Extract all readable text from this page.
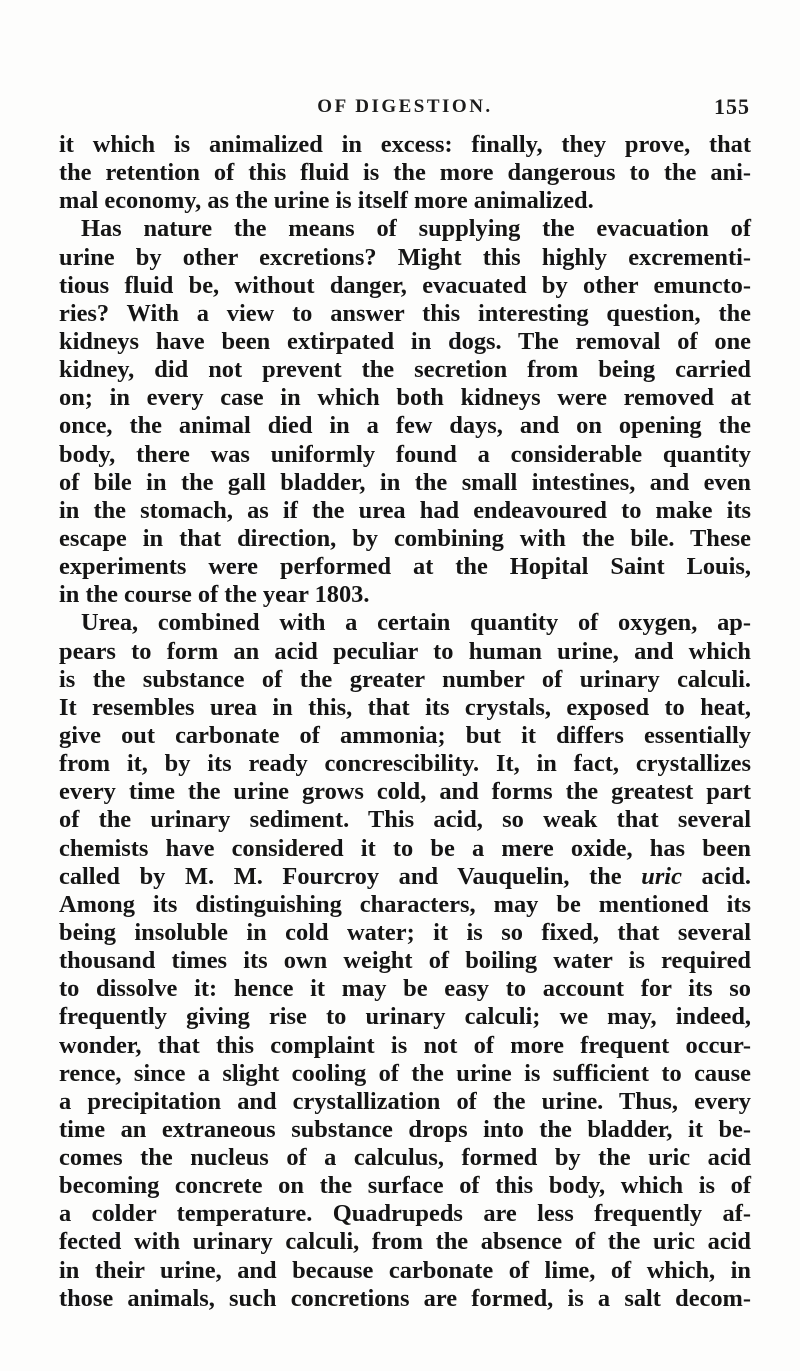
OF DIGESTION.	155
it which is animalized in excess: finally, they prove, that
the retention of this fluid is the more dangerous to the ani-
mal economy, as the urine is itself more animalized.
Has nature the means of supplying the evacuation of
urine by other excretions? Might this highly excrementi-
tious fluid be, without danger, evacuated by other emuncto-
ries? With a view to answer this interesting question, the
kidneys have been extirpated in dogs. The removal of one
kidney, did not prevent the secretion from being carried
on; in every case in which both kidneys were removed at
once, the animal died in a few days, and on opening the
body, there was uniformly found a considerable quantity
of bile in the gall bladder, in the small intestines, and even
in the stomach, as if the urea had endeavoured to make its
escape in that direction, by combining with the bile. These
experiments were performed at the Hopital Saint Louis,
in the course of the year 1803.
Urea, combined with a certain quantity of oxygen, ap-
pears to form an acid peculiar to human urine, and which
is the substance of the greater number of urinary calculi.
It resembles urea in this, that its crystals, exposed to heat,
give out carbonate of ammonia; but it differs essentially
from it, by its ready concrescibility. It, in fact, crystallizes
every time the urine grows cold, and forms the greatest part
of the urinary sediment. This acid, so weak that several
chemists have considered it to be a mere oxide, has been
called by M. M. Fourcroy and Vauquelin, the uric acid.
Among its distinguishing characters, may be mentioned its
being insoluble in cold water; it is so fixed, that several
thousand times its own weight of boiling water is required
to dissolve it: hence it may be easy to account for its so
frequently giving rise to urinary calculi; we may, indeed,
wonder, that this complaint is not of more frequent occur-
rence, since a slight cooling of the urine is sufficient to cause
a precipitation and crystallization of the urine. Thus, every
time an extraneous substance drops into the bladder, it be-
comes the nucleus of a calculus, formed by the uric acid
becoming concrete on the surface of this body, which is of
a colder temperature. Quadrupeds are less frequently af-
fected with urinary calculi, from the absence of the uric acid
in their urine, and because carbonate of lime, of which, in
those animals, such concretions are formed, is a salt decom-
